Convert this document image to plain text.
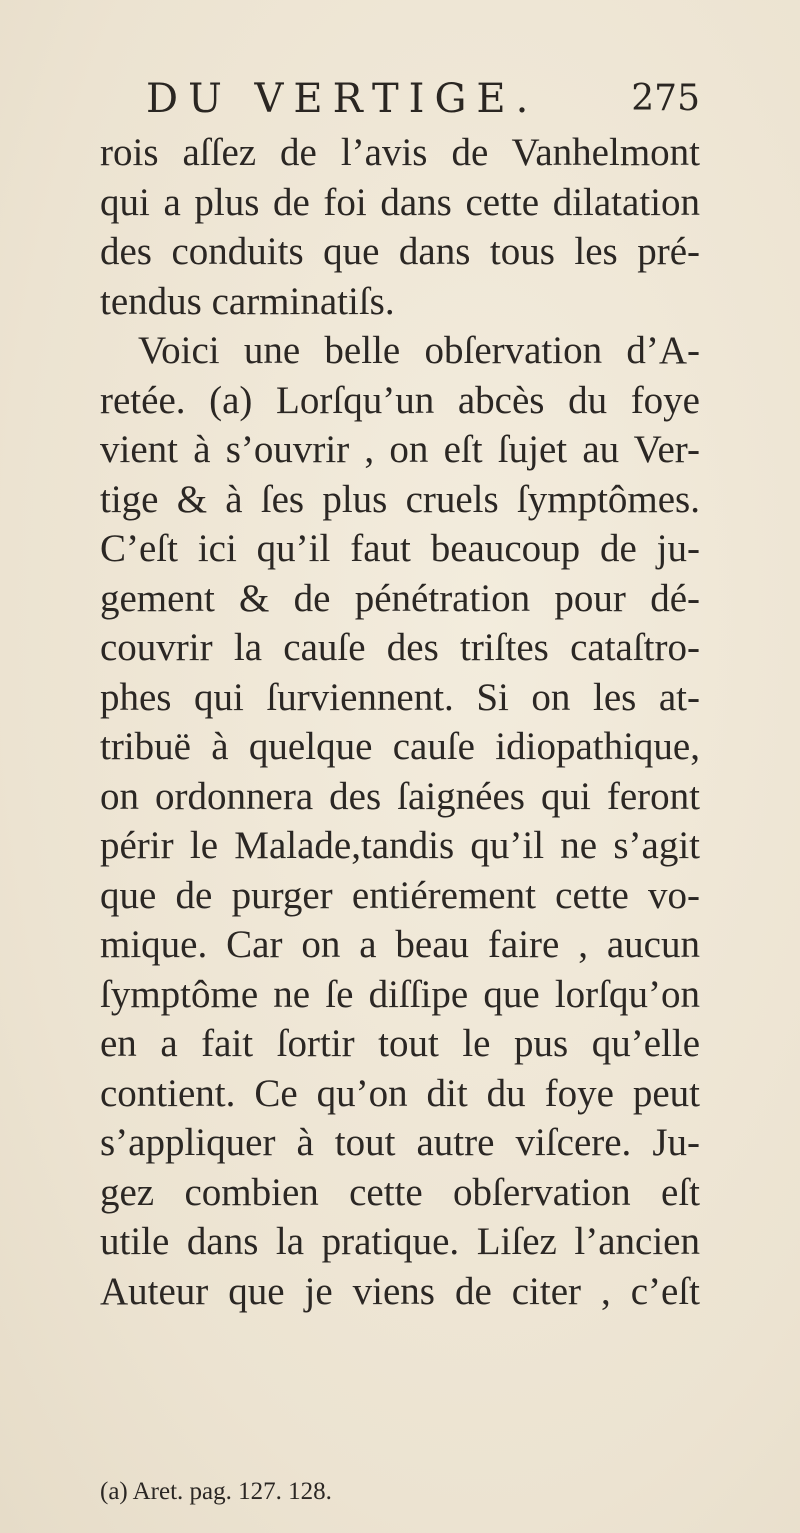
DU VERTIGE.	275
rois aſſez de l’avis de Vanhelmont
qui a plus de foi dans cette dilatation
des conduits que dans tous les pré-
tendus carminatiſs.
Voici une belle obſervation d’A-
retée. (a) Lorſqu’un abcès du foye
vient à s’ouvrir , on eſt ſujet au Ver-
tige & à ſes plus cruels ſymptômes.
C’eſt ici qu’il faut beaucoup de ju-
gement & de pénétration pour dé-
couvrir la cauſe des triſtes cataſtro-
phes qui ſurviennent. Si on les at-
tribuë à quelque cauſe idiopathique,
on ordonnera des ſaignées qui feront
périr le Malade,tandis qu’il ne s’agit
que de purger entiérement cette vo-
mique. Car on a beau faire , aucun
ſymptôme ne ſe diſſipe que lorſqu’on
en a fait ſortir tout le pus qu’elle
contient. Ce qu’on dit du foye peut
s’appliquer à tout autre viſcere. Ju-
gez combien cette obſervation eſt
utile dans la pratique. Liſez l’ancien
Auteur que je viens de citer , c’eſt
(a) Aret. pag. 127. 128.
